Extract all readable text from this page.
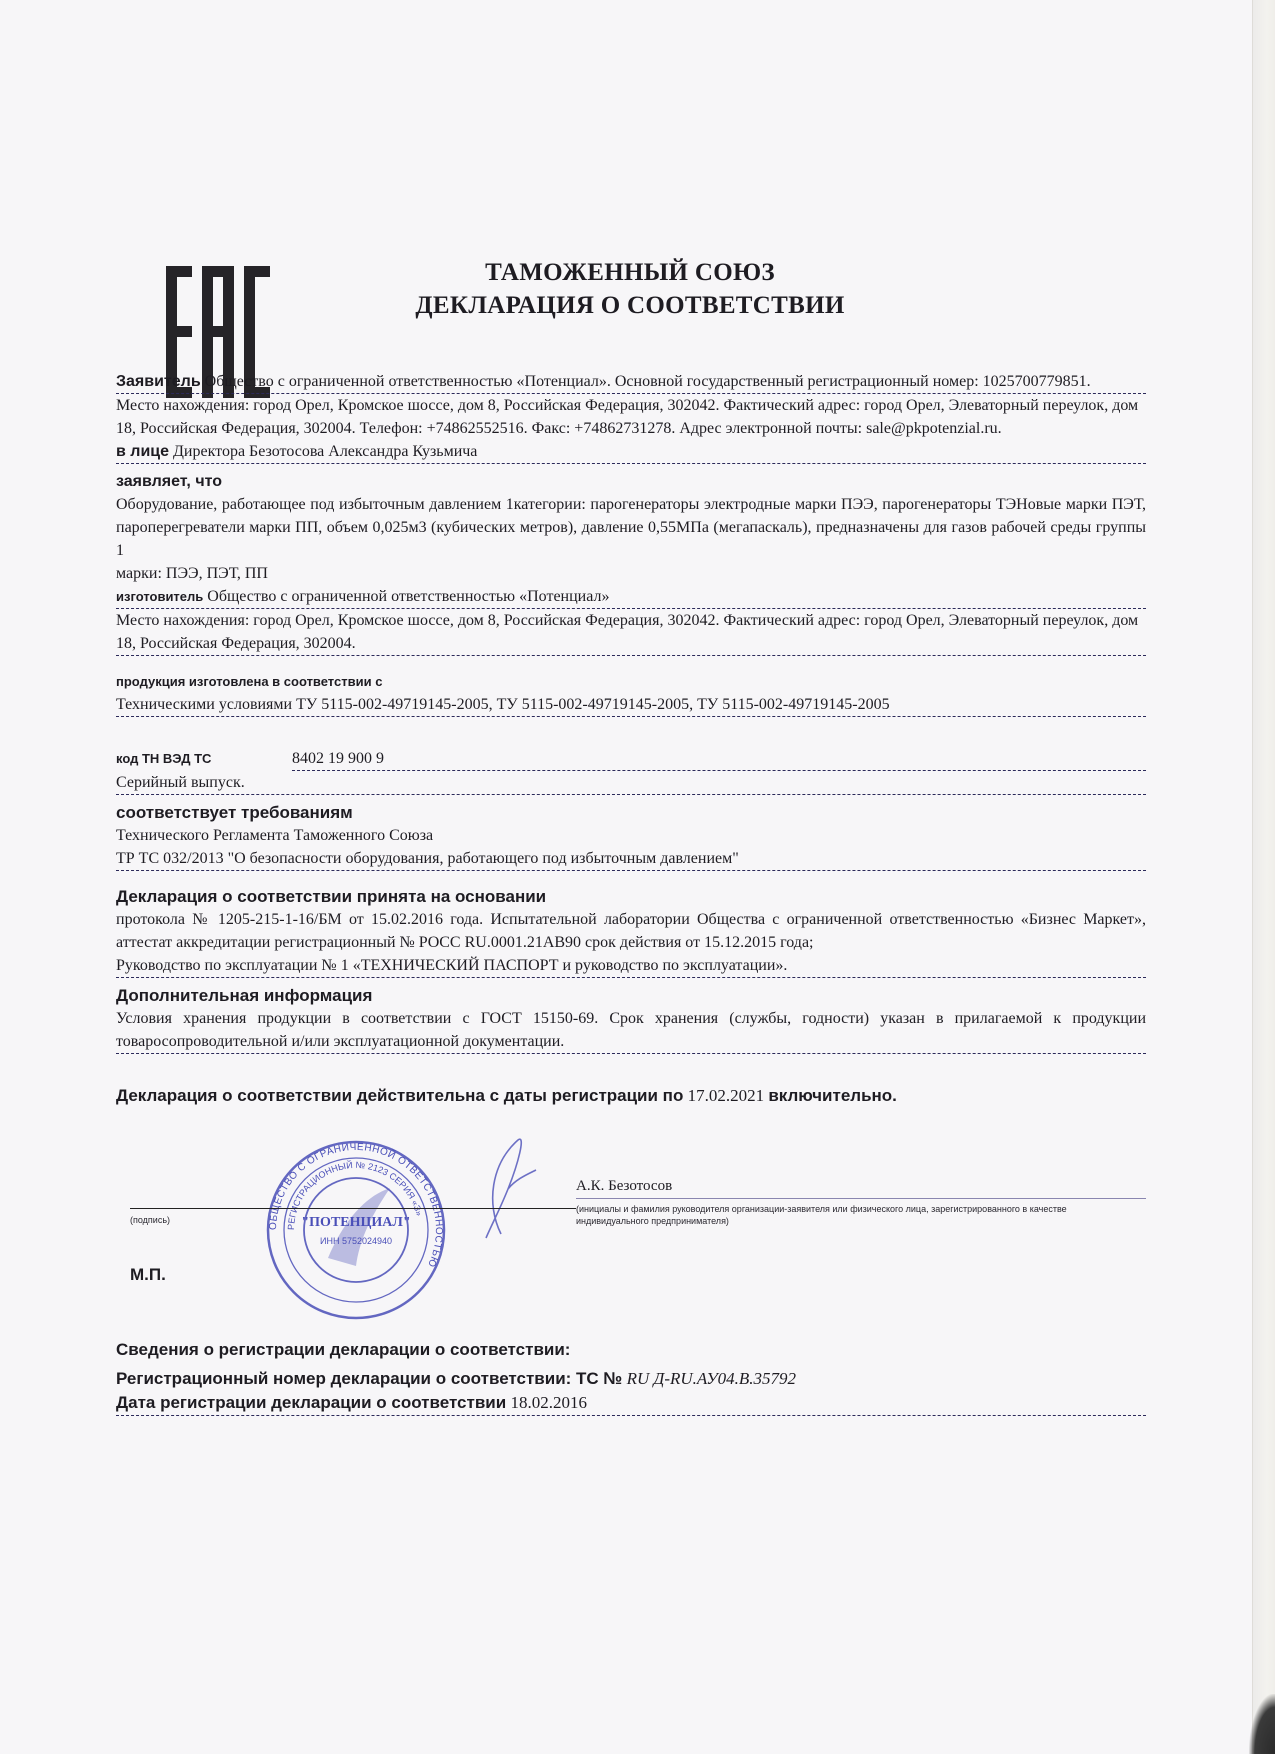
ТАМОЖЕННЫЙ СОЮЗ
ДЕКЛАРАЦИЯ О СООТВЕТСТВИИ
Заявитель Общество с ограниченной ответственностью «Потенциал». Основной государственный регистрационный номер: 1025700779851.
Место нахождения: город Орел, Кромское шоссе, дом 8, Российская Федерация, 302042. Фактический адрес: город Орел, Элеваторный переулок, дом 18, Российская Федерация, 302004. Телефон: +74862552516. Факс: +74862731278. Адрес электронной почты: sale@pkpotenzial.ru.
в лице Директора Безотосова Александра Кузьмича
заявляет, что
Оборудование, работающее под избыточным давлением 1категории: парогенераторы электродные марки ПЭЭ, парогенераторы ТЭНовые марки ПЭТ, пароперегреватели марки ПП, объем 0,025м3 (кубических метров), давление 0,55МПа (мегапаскаль), предназначены для газов рабочей среды группы 1
марки: ПЭЭ, ПЭТ, ПП
изготовитель Общество с ограниченной ответственностью «Потенциал»
Место нахождения: город Орел, Кромское шоссе, дом 8, Российская Федерация, 302042. Фактический адрес: город Орел, Элеваторный переулок, дом 18, Российская Федерация, 302004.
продукция изготовлена в соответствии с
Техническими условиями ТУ 5115-002-49719145-2005, ТУ 5115-002-49719145-2005, ТУ 5115-002-49719145-2005
код ТН ВЭД ТС	8402 19 900 9
Серийный выпуск.
соответствует требованиям
Технического Регламента Таможенного Союза
ТР ТС 032/2013 "О безопасности оборудования, работающего под избыточным давлением"
Декларация о соответствии принята на основании
протокола № 1205-215-1-16/БМ от 15.02.2016 года. Испытательной лаборатории Общества с ограниченной ответственностью «Бизнес Маркет», аттестат аккредитации регистрационный № POCC RU.0001.21AB90 срок действия от 15.12.2015 года;
Руководство по эксплуатации № 1 «ТЕХНИЧЕСКИЙ ПАСПОРТ и руководство по эксплуатации».
Дополнительная информация
Условия хранения продукции в соответствии с ГОСТ 15150-69. Срок хранения (службы, годности) указан в прилагаемой к продукции товаросопроводительной и/или эксплуатационной документации.
Декларация о соответствии действительна с даты регистрации по 17.02.2021 включительно.
ОБЩЕСТВО С ОГРАНИЧЕННОЙ ОТВЕТСТВЕННОСТЬЮ
РЕГИСТРАЦИОННЫЙ № 2123 СЕРИЯ «З»
"ПОТЕНЦИАЛ"
ИНН 5752024940
(подпись)
М.П.
А.К. Безотосов
(инициалы и фамилия руководителя организации-заявителя или физического лица, зарегистрированного в качестве
индивидуального предпринимателя)
Сведения о регистрации декларации о соответствии:
Регистрационный номер декларации о соответствии: ТС № RU Д-RU.АУ04.В.35792
Дата регистрации декларации о соответствии 18.02.2016
